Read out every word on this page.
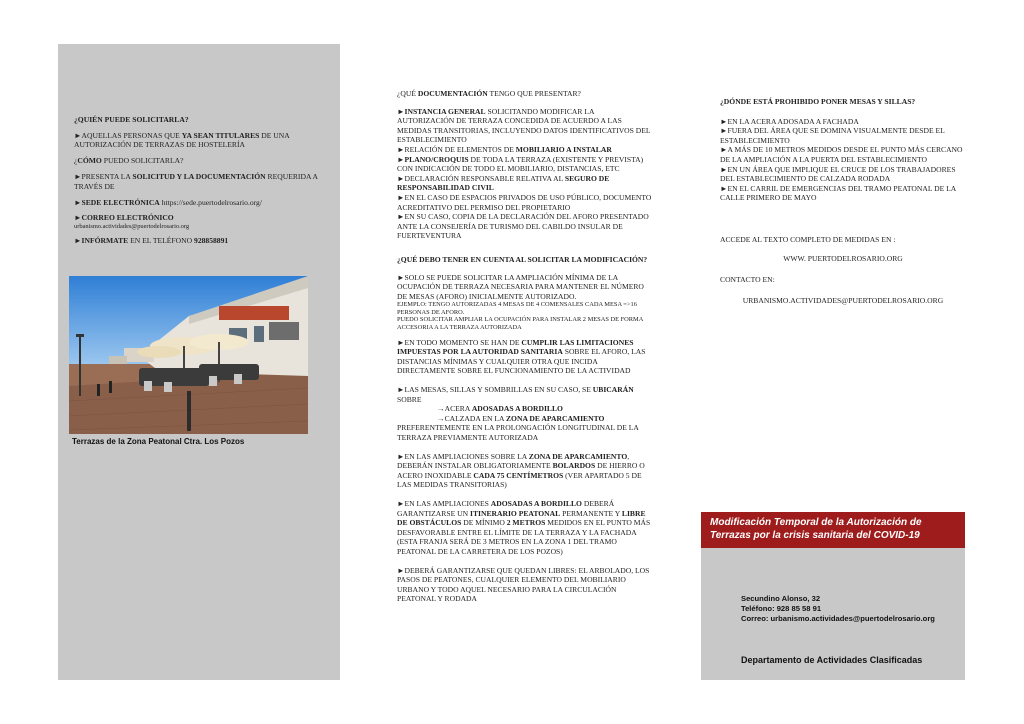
¿QUIÉN PUEDE SOLICITARLA?

►AQUELLAS PERSONAS QUE YA SEAN TITULARES DE UNA AUTORIZACIÓN DE TERRAZAS DE HOSTELERÍA

¿CÓMO PUEDO SOLICITARLA?

►PRESENTA LA SOLICITUD Y LA DOCUMENTACIÓN REQUERIDA A TRAVÉS DE

►SEDE ELECTRÓNICA https://sede.puertodelrosario.org/

►CORREO ELECTRÓNICO

urbanismo.actividades@puertodelrosario.org

►INFÓRMATE EN EL TELÉFONO 928858891

Terrazas de la Zona Peatonal Ctra. Los Pozos

¿QUÉ DOCUMENTACIÓN TENGO QUE PRESENTAR?

►INSTANCIA GENERAL SOLICITANDO MODIFICAR LA AUTORIZACIÓN DE TERRAZA CONCEDIDA DE ACUERDO A LAS MEDIDAS TRANSITORIAS, INCLUYENDO DATOS IDENTIFICATIVOS DEL ESTABLECIMIENTO

►RELACIÓN DE ELEMENTOS DE MOBILIARIO A INSTALAR

►PLANO/CROQUIS DE TODA LA TERRAZA (EXISTENTE Y PREVISTA) CON INDICACIÓN DE TODO EL MOBILIARIO, DISTANCIAS, ETC

►DECLARACIÓN RESPONSABLE RELATIVA AL SEGURO DE RESPONSABILIDAD CIVIL

►EN EL CASO DE ESPACIOS PRIVADOS DE USO PÚBLICO, DOCUMENTO ACREDITATIVO DEL PERMISO DEL PROPIETARIO

►EN SU CASO, COPIA DE LA DECLARACIÓN DEL AFORO PRESENTADO ANTE LA CONSEJERÍA DE TURISMO DEL CABILDO INSULAR DE FUERTEVENTURA

¿QUÉ DEBO TENER EN CUENTA AL SOLICITAR LA MODIFICACIÓN?

►SOLO SE PUEDE SOLICITAR LA AMPLIACIÓN MÍNIMA DE LA OCUPACIÓN DE TERRAZA NECESARIA PARA MANTENER EL NÚMERO DE MESAS (AFORO) INICIALMENTE AUTORIZADO.

EJEMPLO: TENGO AUTORIZADAS 4 MESAS DE 4 COMENSALES CADA MESA =>16 PERSONAS DE AFORO.

PUEDO SOLICITAR AMPLIAR LA OCUPACIÓN PARA INSTALAR 2 MESAS DE FORMA ACCESORIA A LA TERRAZA AUTORIZADA

►EN TODO MOMENTO SE HAN DE CUMPLIR LAS LIMITACIONES IMPUESTAS POR LA AUTORIDAD SANITARIA SOBRE EL AFORO, LAS DISTANCIAS MÍNIMAS Y CUALQUIER OTRA QUE INCIDA DIRECTAMENTE SOBRE EL FUNCIONAMIENTO DE LA ACTIVIDAD

►LAS MESAS, SILLAS Y SOMBRILLAS EN SU CASO, SE UBICARÁN SOBRE

→ACERA ADOSADAS A BORDILLO

→CALZADA EN LA ZONA DE APARCAMIENTO

PREFERENTEMENTE EN LA PROLONGACIÓN LONGITUDINAL DE LA TERRAZA PREVIAMENTE AUTORIZADA

►EN LAS AMPLIACIONES SOBRE LA ZONA DE APARCAMIENTO, DEBERÁN INSTALAR OBLIGATORIAMENTE BOLARDOS DE HIERRO O ACERO INOXIDABLE CADA 75 CENTÍMETROS (VER APARTADO 5 DE LAS MEDIDAS TRANSITORIAS)

►EN LAS AMPLIACIONES ADOSADAS A BORDILLO DEBERÁ GARANTIZARSE UN ITINERARIO PEATONAL PERMANENTE Y LIBRE DE OBSTÁCULOS DE MÍNIMO 2 METROS MEDIDOS EN EL PUNTO MÁS DESFAVORABLE ENTRE EL LÍMITE DE LA TERRAZA Y LA FACHADA (ESTA FRANJA SERÁ DE 3 METROS EN LA ZONA 1 DEL TRAMO PEATONAL DE LA CARRETERA DE LOS POZOS)

►DEBERÁ GARANTIZARSE QUE QUEDAN LIBRES: EL ARBOLADO, LOS PASOS DE PEATONES, CUALQUIER ELEMENTO DEL MOBILIARIO URBANO Y TODO AQUEL NECESARIO PARA LA CIRCULACIÓN PEATONAL Y RODADA

¿DÓNDE ESTÁ PROHIBIDO PONER MESAS Y SILLAS?

►EN LA ACERA ADOSADA A FACHADA

►FUERA DEL ÁREA QUE SE DOMINA VISUALMENTE DESDE EL ESTABLECIMIENTO

►A MÁS DE 10 METROS MEDIDOS DESDE EL PUNTO MÁS CERCANO DE LA AMPLIACIÓN A LA PUERTA DEL ESTABLECIMIENTO

►EN UN ÁREA QUE IMPLIQUE EL CRUCE DE LOS TRABAJADORES DEL ESTABLECIMIENTO DE CALZADA RODADA

►EN EL CARRIL DE EMERGENCIAS DEL TRAMO PEATONAL DE LA CALLE PRIMERO DE MAYO

ACCEDE AL TEXTO COMPLETO DE MEDIDAS EN :

WWW. PUERTODELROSARIO.ORG

CONTACTO EN:

URBANISMO.ACTIVIDADES@PUERTODELROSARIO.ORG

Modificación Temporal de la Autorización de Terrazas por la crisis sanitaria del COVID-19
Secundino Alonso, 32
Teléfono: 928 85 58 91
Correo: urbanismo.actividades@puertodelrosario.org
Departamento de Actividades Clasificadas
